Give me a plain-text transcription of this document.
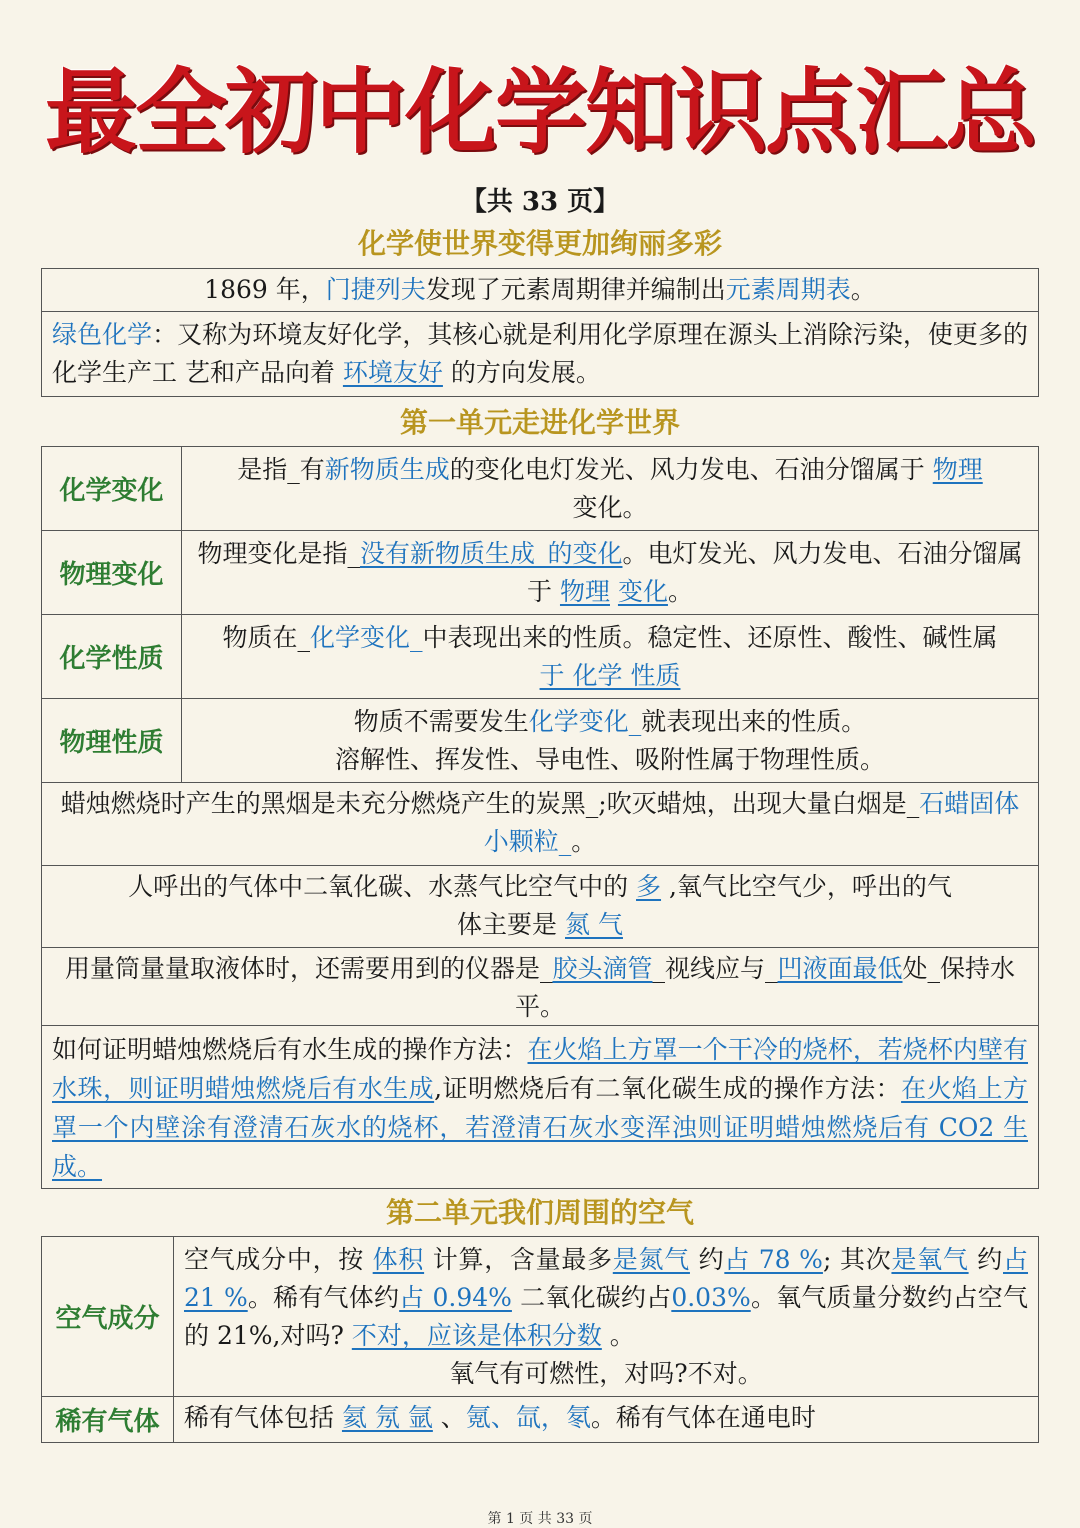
最全初中化学知识点汇总
【共 33 页】
化学使世界变得更加绚丽多彩
1869 年，门捷列夫发现了元素周期律并编制出元素周期表。
绿色化学：又称为环境友好化学，其核心就是利用化学原理在源头上消除污染，使更多的化学生产工 艺和产品向着 环境友好 的方向发展。
第一单元走进化学世界
化学变化
是指_有新物质生成的变化电灯发光、风力发电、石油分馏属于 物理
变化。
物理变化
物理变化是指_没有新物质生成_的变化。电灯发光、风力发电、石油分馏属于 物理 变化。
化学性质
物质在_化学变化_中表现出来的性质。稳定性、还原性、酸性、碱性属
于 化学 性质
物理性质
物质不需要发生化学变化_就表现出来的性质。
溶解性、挥发性、导电性、吸附性属于物理性质。
蜡烛燃烧时产生的黑烟是未充分燃烧产生的炭黑_;吹灭蜡烛，出现大量白烟是_石蜡固体小颗粒_。
人呼出的气体中二氧化碳、水蒸气比空气中的 多 ,氧气比空气少，呼出的气
体主要是 氮 气
用量筒量量取液体时，还需要用到的仪器是_胶头滴管_视线应与_凹液面最低处_保持水平。
如何证明蜡烛燃烧后有水生成的操作方法：在火焰上方罩一个干冷的烧杯，若烧杯内壁有水珠，则证明蜡烛燃烧后有水生成,证明燃烧后有二氧化碳生成的操作方法：在火焰上方罩一个内壁涂有澄清石灰水的烧杯，若澄清石灰水变浑浊则证明蜡烛燃烧后有 CO2 生成。
第二单元我们周围的空气
空气成分
空气成分中，按 体积 计算，含量最多是氮气 约占 78 %; 其次是氧气 约占 21 %。稀有气体约占 0.94% 二氧化碳约占0.03%。氧气质量分数约占空气的 21%,对吗? 不对，应该是体积分数 。
氧气有可燃性，对吗?不对。
稀有气体 稀有气体包括 氦 氖 氩 、氪、氙，氡。稀有气体在通电时
第 1 页 共 33 页
